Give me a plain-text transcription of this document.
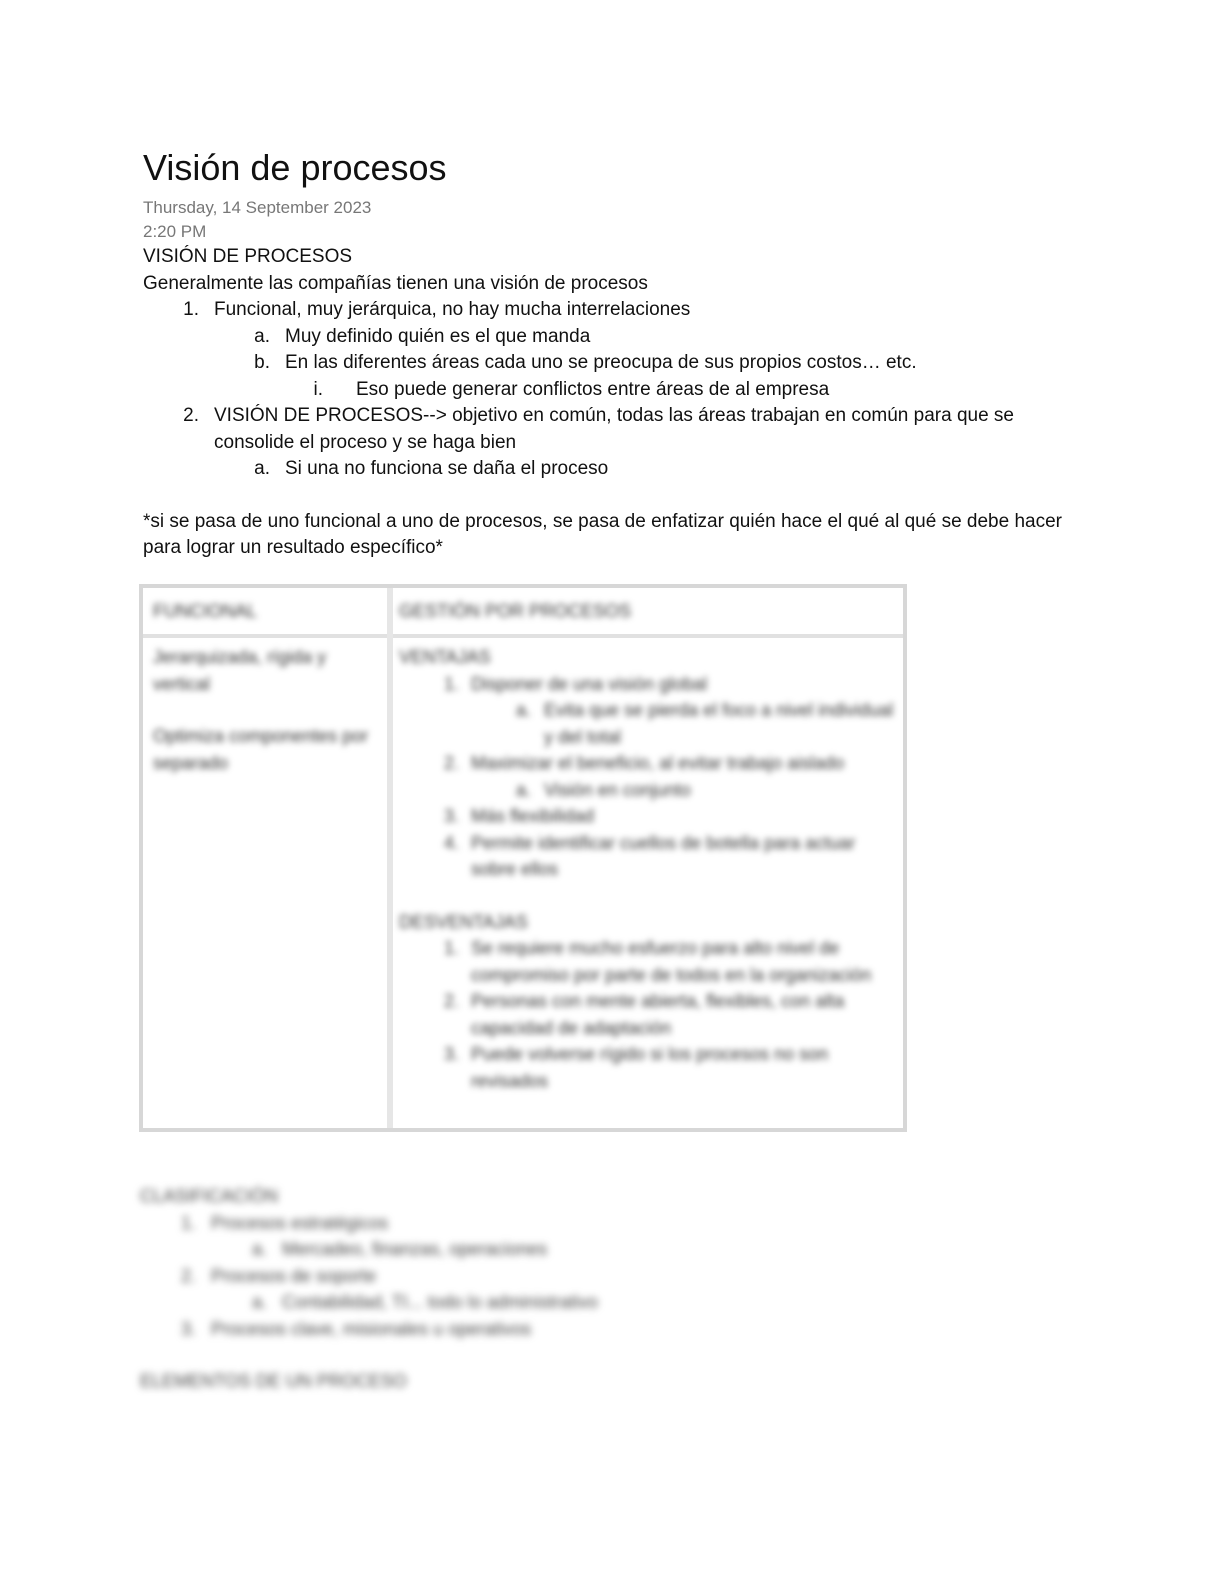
Visión de procesos
Thursday, 14 September 2023
2:20 PM
VISIÓN DE PROCESOS
Generalmente las compañías tienen una visión de procesos
1. Funcional, muy jerárquica, no hay mucha interrelaciones
a. Muy definido quién es el que manda
b. En las diferentes áreas cada uno se preocupa de sus propios costos… etc.
i. Eso puede generar conflictos entre áreas de al empresa
2. VISIÓN DE PROCESOS--> objetivo en común, todas las áreas trabajan en común para que se consolide el proceso y se haga bien
a. Si una no funciona se daña el proceso
*si se pasa de uno funcional a uno de procesos, se pasa de enfatizar quién hace el qué al qué se debe hacer para lograr un resultado específico*
FUNCIONAL	GESTIÓN POR PROCESOS
Jerarquizada, rígida y vertical
Optimiza componentes por separado
VENTAJAS
1. Disponer de una visión global
a. Evita que se pierda el foco a nivel individual y del total
2. Maximizar el beneficio, al evitar trabajo aislado
a. Visión en conjunto
3. Más flexibilidad
4. Permite identificar cuellos de botella para actuar sobre ellos
DESVENTAJAS
1. Se requiere mucho esfuerzo para alto nivel de compromiso por parte de todos en la organización
2. Personas con mente abierta, flexibles, con alta capacidad de adaptación
3. Puede volverse rígido si los procesos no son revisados
CLASIFICACIÓN
1. Procesos estratégicos
a. Mercadeo, finanzas, operaciones
2. Procesos de soporte
a. Contabilidad, TI... todo lo administrativo
3. Procesos clave, misionales u operativos
ELEMENTOS DE UN PROCESO
